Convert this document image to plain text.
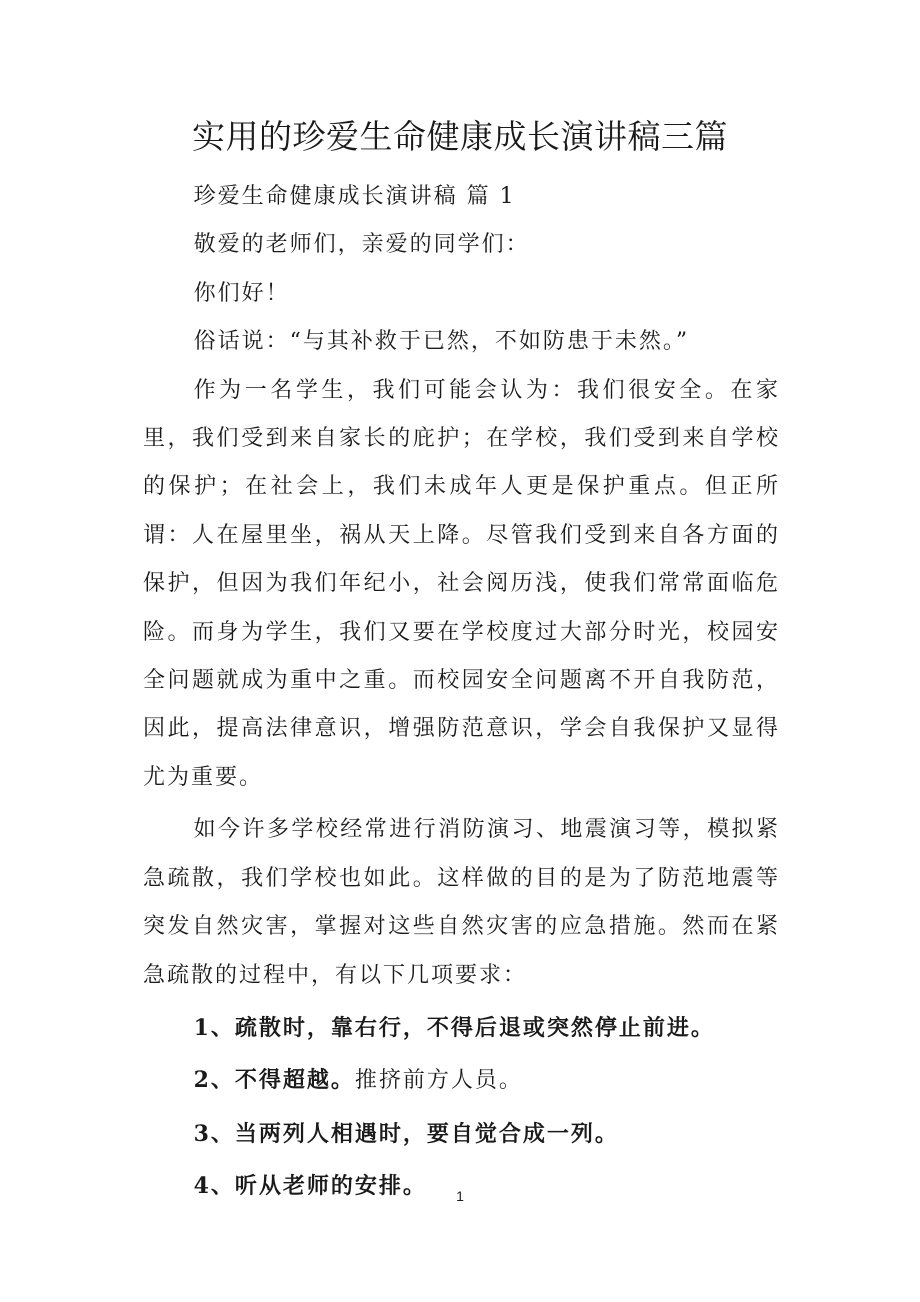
实用的珍爱生命健康成长演讲稿三篇

珍爱生命健康成长演讲稿 篇 1

敬爱的老师们，亲爱的同学们：

你们好！

俗话说：“与其补救于已然，不如防患于未然。”

作为一名学生，我们可能会认为：我们很安全。在家里，我们受到来自家长的庇护；在学校，我们受到来自学校的保护；在社会上，我们未成年人更是保护重点。但正所谓：人在屋里坐，祸从天上降。尽管我们受到来自各方面的保护，但因为我们年纪小，社会阅历浅，使我们常常面临危险。而身为学生，我们又要在学校度过大部分时光，校园安全问题就成为重中之重。而校园安全问题离不开自我防范，因此，提高法律意识，增强防范意识，学会自我保护又显得尤为重要。

如今许多学校经常进行消防演习、地震演习等，模拟紧急疏散，我们学校也如此。这样做的目的是为了防范地震等突发自然灾害，掌握对这些自然灾害的应急措施。然而在紧急疏散的过程中，有以下几项要求：

1、疏散时，靠右行，不得后退或突然停止前进。

2、不得超越。推挤前方人员。

3、当两列人相遇时，要自觉合成一列。

4、听从老师的安排。	1
